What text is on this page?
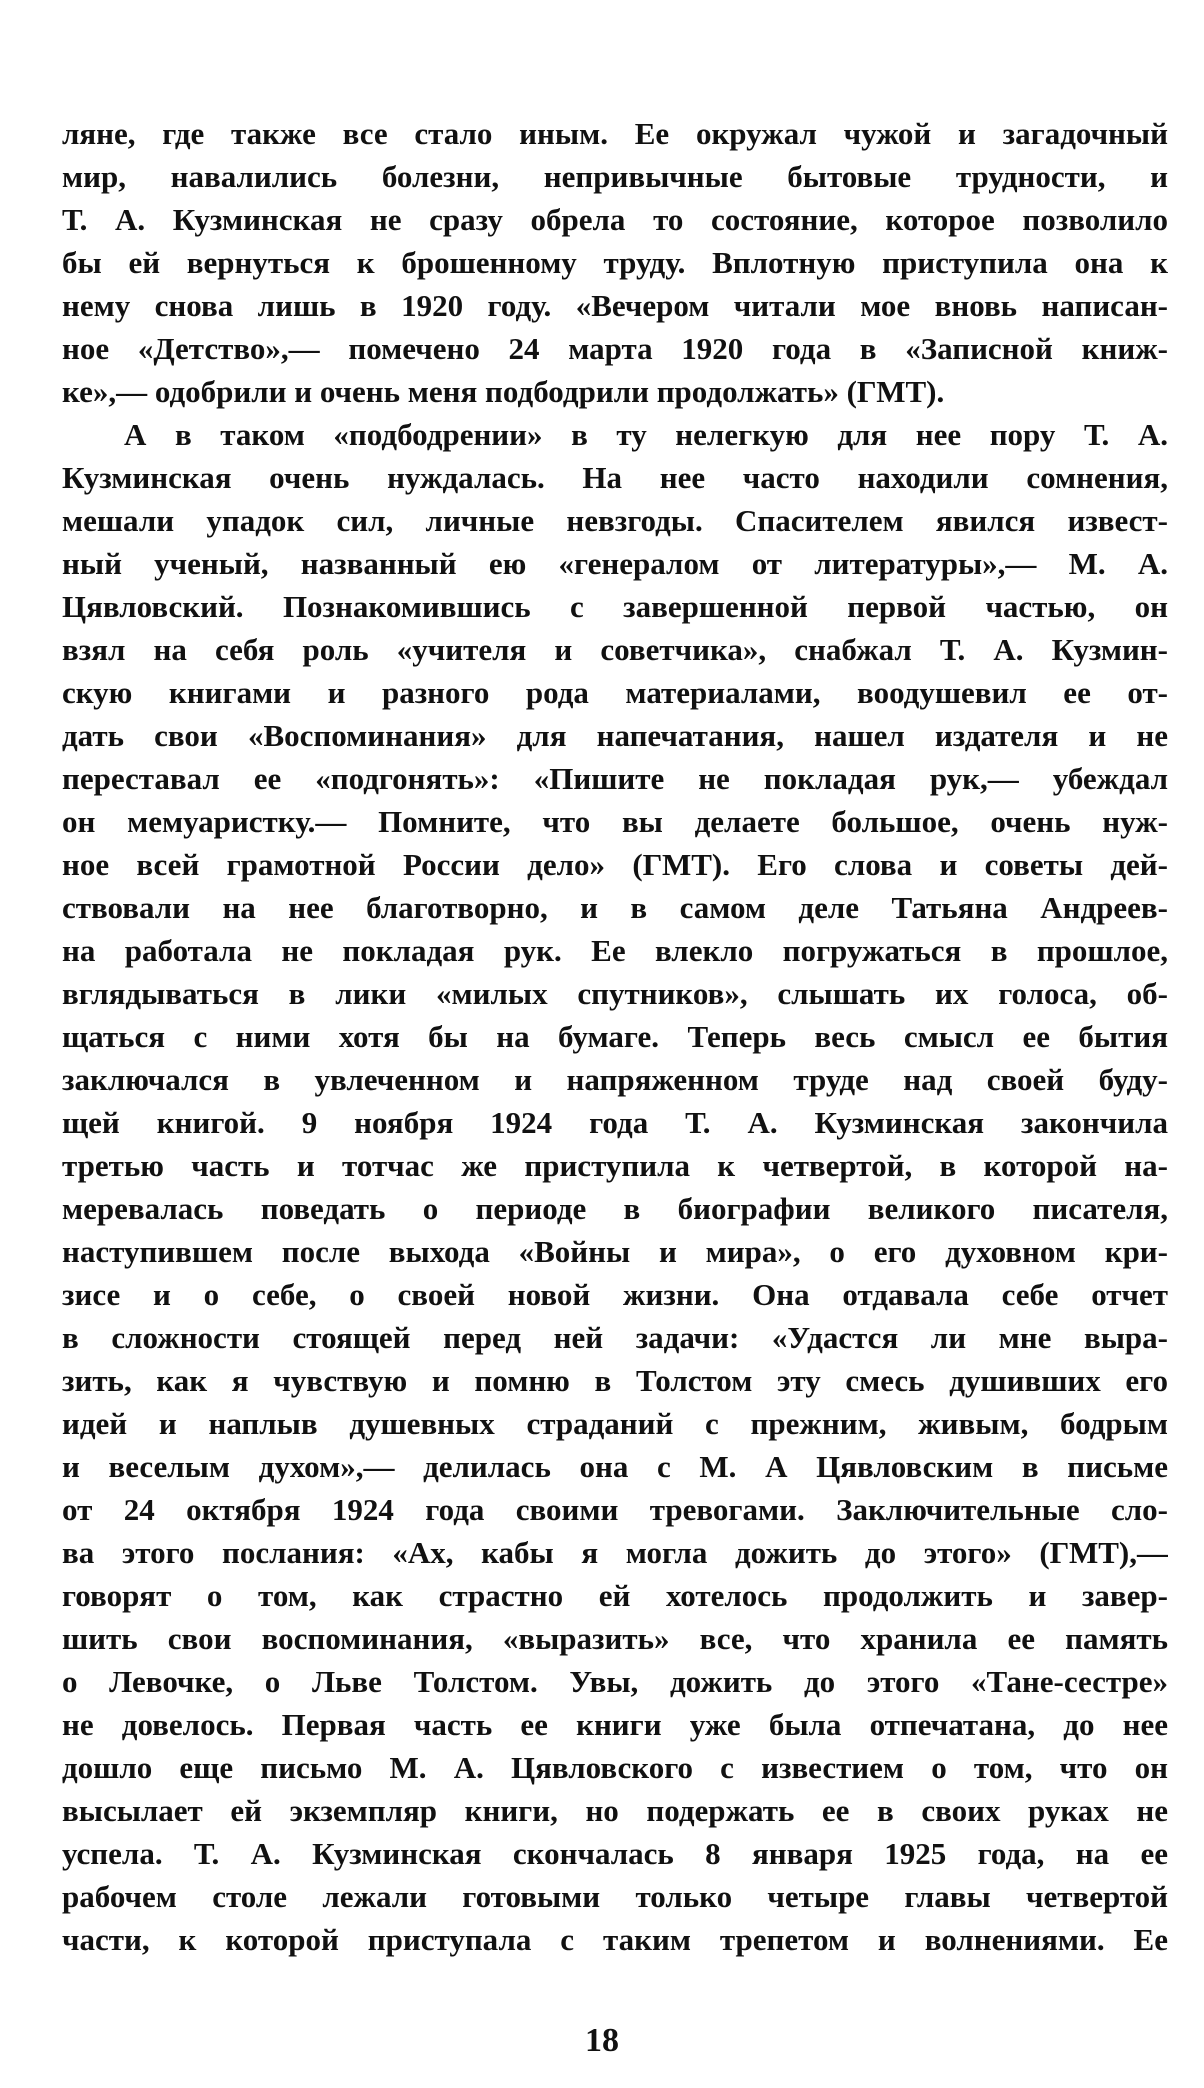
ляне, где также все стало иным. Ее окружал чужой и загадочный
мир, навалились болезни, непривычные бытовые трудности, и
Т. А. Кузминская не сразу обрела то состояние, которое позволило
бы ей вернуться к брошенному труду. Вплотную приступила она к
нему снова лишь в 1920 году. «Вечером читали мое вновь написан-
ное «Детство»,— помечено 24 марта 1920 года в «Записной книж-
ке»,— одобрили и очень меня подбодрили продолжать» (ГМТ).
А в таком «подбодрении» в ту нелегкую для нее пору Т. А.
Кузминская очень нуждалась. На нее часто находили сомнения,
мешали упадок сил, личные невзгоды. Спасителем явился извест-
ный ученый, названный ею «генералом от литературы»,— М. А.
Цявловский. Познакомившись с завершенной первой частью, он
взял на себя роль «учителя и советчика», снабжал Т. А. Кузмин-
скую книгами и разного рода материалами, воодушевил ее от-
дать свои «Воспоминания» для напечатания, нашел издателя и не
переставал ее «подгонять»: «Пишите не покладая рук,— убеждал
он мемуаристку.— Помните, что вы делаете большое, очень нуж-
ное всей грамотной России дело» (ГМТ). Его слова и советы дей-
ствовали на нее благотворно, и в самом деле Татьяна Андреев-
на работала не покладая рук. Ее влекло погружаться в прошлое,
вглядываться в лики «милых спутников», слышать их голоса, об-
щаться с ними хотя бы на бумаге. Теперь весь смысл ее бытия
заключался в увлеченном и напряженном труде над своей буду-
щей книгой. 9 ноября 1924 года Т. А. Кузминская закончила
третью часть и тотчас же приступила к четвертой, в которой на-
меревалась поведать о периоде в биографии великого писателя,
наступившем после выхода «Войны и мира», о его духовном кри-
зисе и о себе, о своей новой жизни. Она отдавала себе отчет
в сложности стоящей перед ней задачи: «Удастся ли мне выра-
зить, как я чувствую и помню в Толстом эту смесь душивших его
идей и наплыв душевных страданий с прежним, живым, бодрым
и веселым духом»,— делилась она с М. А Цявловским в письме
от 24 октября 1924 года своими тревогами. Заключительные сло-
ва этого послания: «Ах, кабы я могла дожить до этого» (ГМТ),—
говорят о том, как страстно ей хотелось продолжить и завер-
шить свои воспоминания, «выразить» все, что хранила ее память
о Левочке, о Льве Толстом. Увы, дожить до этого «Тане-сестре»
не довелось. Первая часть ее книги уже была отпечатана, до нее
дошло еще письмо М. А. Цявловского с известием о том, что он
высылает ей экземпляр книги, но подержать ее в своих руках не
успела. Т. А. Кузминская скончалась 8 января 1925 года, на ее
рабочем столе лежали готовыми только четыре главы четвертой
части, к которой приступала с таким трепетом и волнениями. Ее
18
